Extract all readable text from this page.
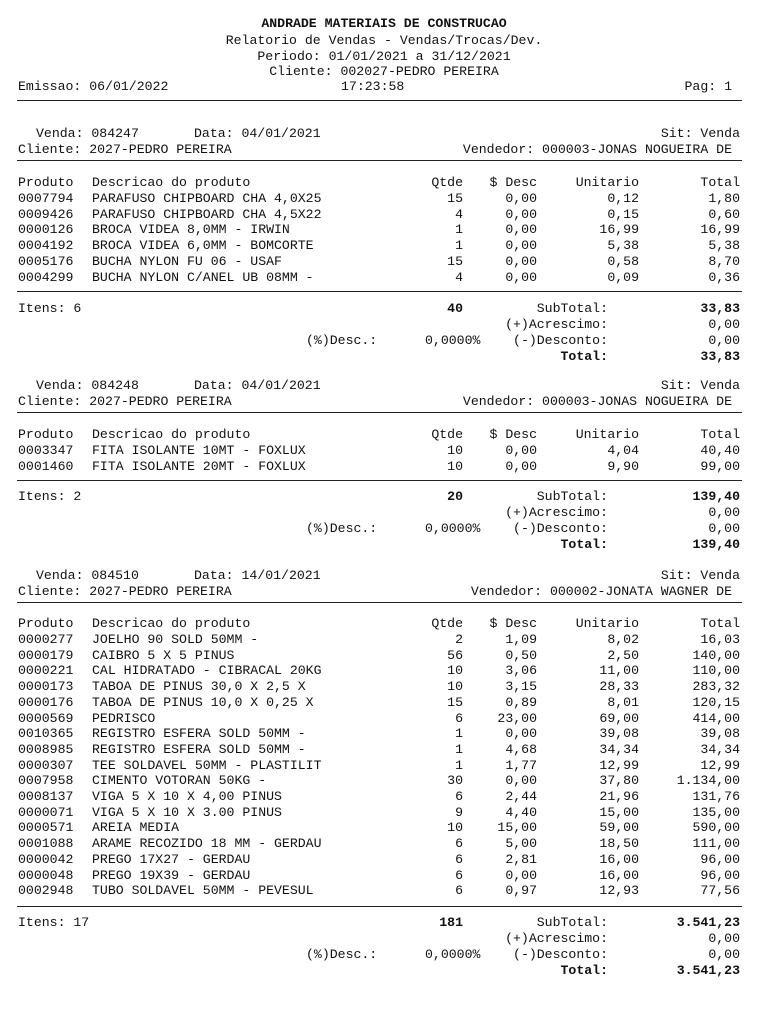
ANDRADE MATERIAIS DE CONSTRUCAO
Relatorio de Vendas - Vendas/Trocas/Dev.
Periodo: 01/01/2021 a 31/12/2021
Cliente: 002027-PEDRO PEREIRA
Emissao: 06/01/2022	17:23:58	Pag: 1
Venda: 084247	Data: 04/01/2021	Sit: Venda
Cliente: 2027-PEDRO PEREIRA	Vendedor: 000003-JONAS NOGUEIRA DE
Produto Descricao do produto	Qtde $ Desc	Unitario	Total
0007794 PARAFUSO CHIPBOARD CHA 4,0X25	15	0,00	0,12	1,80
0009426 PARAFUSO CHIPBOARD CHA 4,5X22	4	0,00	0,15	0,60
0000126 BROCA VIDEA 8,0MM - IRWIN	1	0,00	16,99	16,99
0004192 BROCA VIDEA 6,0MM - BOMCORTE	1	0,00	5,38	5,38
0005176 BUCHA NYLON FU 06 - USAF	15	0,00	0,58	8,70
0004299 BUCHA NYLON C/ANEL UB 08MM -	4	0,00	0,09	0,36
Itens: 6	40	SubTotal:	33,83
(+)Acrescimo:	0,00
(%)Desc.:	0,0000% (-)Desconto:	0,00
Total:	33,83
Venda: 084248	Data: 04/01/2021	Sit: Venda
Cliente: 2027-PEDRO PEREIRA	Vendedor: 000003-JONAS NOGUEIRA DE
Produto Descricao do produto	Qtde $ Desc	Unitario	Total
0003347 FITA ISOLANTE 10MT - FOXLUX	10	0,00	4,04	40,40
0001460 FITA ISOLANTE 20MT - FOXLUX	10	0,00	9,90	99,00
Itens: 2	20	SubTotal:	139,40
(+)Acrescimo:	0,00
(%)Desc.:	0,0000% (-)Desconto:	0,00
Total:	139,40
Venda: 084510	Data: 14/01/2021	Sit: Venda
Cliente: 2027-PEDRO PEREIRA	Vendedor: 000002-JONATA WAGNER DE
Produto Descricao do produto	Qtde $ Desc	Unitario	Total
0000277 JOELHO 90 SOLD 50MM -	2	1,09	8,02	16,03
0000179 CAIBRO 5 X 5 PINUS	56	0,50	2,50	140,00
0000221 CAL HIDRATADO - CIBRACAL 20KG	10	3,06	11,00	110,00
0000173 TABOA DE PINUS 30,0 X 2,5 X	10	3,15	28,33	283,32
0000176 TABOA DE PINUS 10,0 X 0,25 X	15	0,89	8,01	120,15
0000569 PEDRISCO	6	23,00	69,00	414,00
0010365 REGISTRO ESFERA SOLD 50MM -	1	0,00	39,08	39,08
0008985 REGISTRO ESFERA SOLD 50MM -	1	4,68	34,34	34,34
0000307 TEE SOLDAVEL 50MM - PLASTILIT	1	1,77	12,99	12,99
0007958 CIMENTO VOTORAN 50KG -	30	0,00	37,80	1.134,00
0008137 VIGA 5 X 10 X 4,00 PINUS	6	2,44	21,96	131,76
0000071 VIGA 5 X 10 X 3.00 PINUS	9	4,40	15,00	135,00
0000571 AREIA MEDIA	10	15,00	59,00	590,00
0001088 ARAME RECOZIDO 18 MM - GERDAU	6	5,00	18,50	111,00
0000042 PREGO 17X27 - GERDAU	6	2,81	16,00	96,00
0000048 PREGO 19X39 - GERDAU	6	0,00	16,00	96,00
0002948 TUBO SOLDAVEL 50MM - PEVESUL	6	0,97	12,93	77,56
Itens: 17	181	SubTotal:	3.541,23
(+)Acrescimo:	0,00
(%)Desc.:	0,0000% (-)Desconto:	0,00
Total:	3.541,23
